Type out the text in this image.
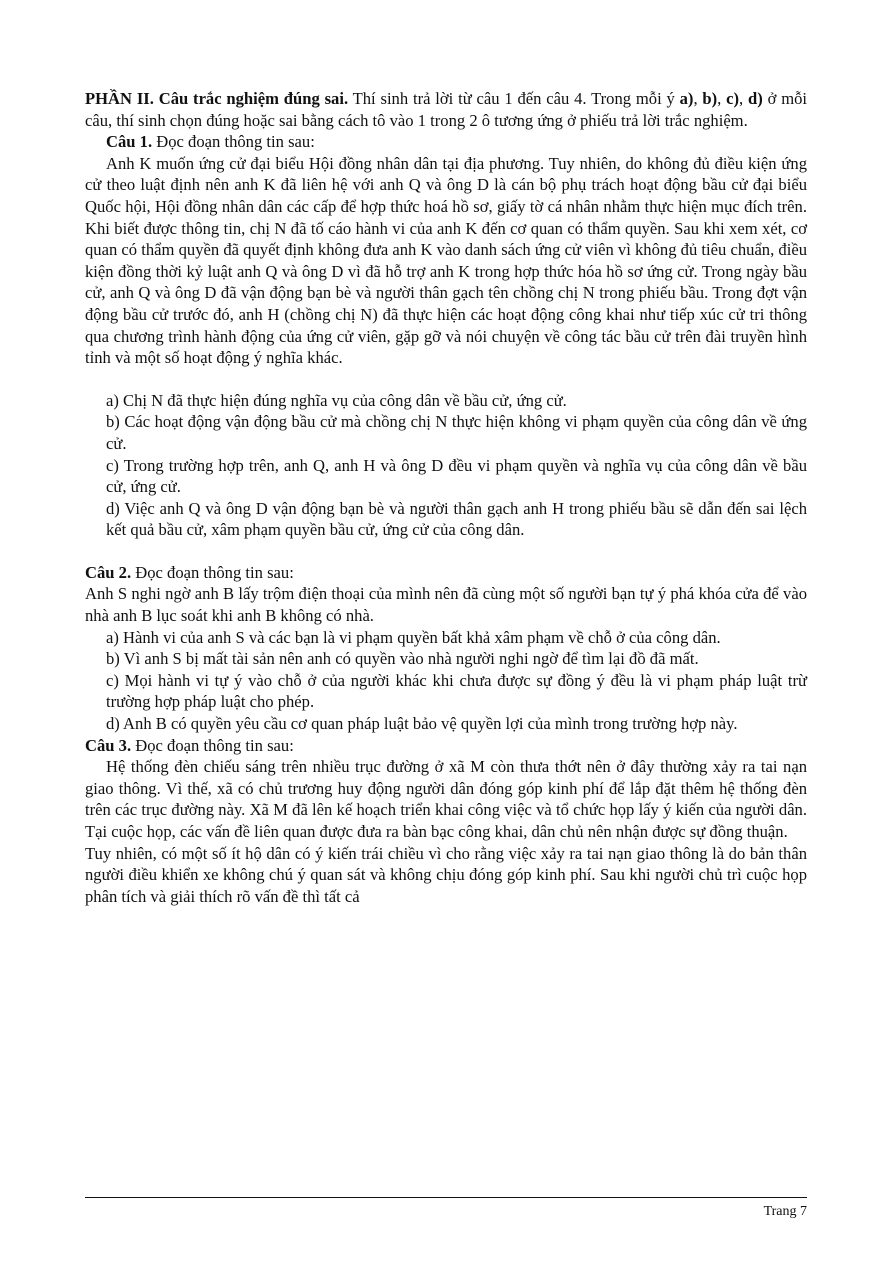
PHẦN II. Câu trắc nghiệm đúng sai. Thí sinh trả lời từ câu 1 đến câu 4. Trong mỗi ý a), b), c), d) ở mỗi câu, thí sinh chọn đúng hoặc sai bằng cách tô vào 1 trong 2 ô tương ứng ở phiếu trả lời trắc nghiệm.

Câu 1. Đọc đoạn thông tin sau:

Anh K muốn ứng cử đại biểu Hội đồng nhân dân tại địa phương. Tuy nhiên, do không đủ điều kiện ứng cử theo luật định nên anh K đã liên hệ với anh Q và ông D là cán bộ phụ trách hoạt động bầu cử đại biểu Quốc hội, Hội đồng nhân dân các cấp để hợp thức hoá hồ sơ, giấy tờ cá nhân nhằm thực hiện mục đích trên. Khi biết được thông tin, chị N đã tố cáo hành vi của anh K đến cơ quan có thẩm quyền. Sau khi xem xét, cơ quan có thẩm quyền đã quyết định không đưa anh K vào danh sách ứng cử viên vì không đủ tiêu chuẩn, điều kiện đồng thời kỷ luật anh Q và ông D vì đã hỗ trợ anh K trong hợp thức hóa hồ sơ ứng cử. Trong ngày bầu cử, anh Q và ông D đã vận động bạn bè và người thân gạch tên chồng chị N trong phiếu bầu. Trong đợt vận động bầu cử trước đó, anh H (chồng chị N) đã thực hiện các hoạt động công khai như tiếp xúc cử tri thông qua chương trình hành động của ứng cử viên, gặp gỡ và nói chuyện về công tác bầu cử trên đài truyền hình tỉnh và một số hoạt động ý nghĩa khác.

a) Chị N đã thực hiện đúng nghĩa vụ của công dân về bầu cử, ứng cử.

b) Các hoạt động vận động bầu cử mà chồng chị N thực hiện không vi phạm quyền của công dân về ứng cử.

c) Trong trường hợp trên, anh Q, anh H và ông D đều vi phạm quyền và nghĩa vụ của công dân về bầu cử, ứng cử.

d) Việc anh Q và ông D vận động bạn bè và người thân gạch anh H trong phiếu bầu sẽ dẫn đến sai lệch kết quả bầu cử, xâm phạm quyền bầu cử, ứng cử của công dân.

Câu 2. Đọc đoạn thông tin sau:

Anh S nghi ngờ anh B lấy trộm điện thoại của mình nên đã cùng một số người bạn tự ý phá khóa cửa để vào nhà anh B lục soát khi anh B không có nhà.

a) Hành vi của anh S và các bạn là vi phạm quyền bất khả xâm phạm về chỗ ở của công dân.

b) Vì anh S bị mất tài sản nên anh có quyền vào nhà người nghi ngờ để tìm lại đồ đã mất.

c) Mọi hành vi tự ý vào chỗ ở của người khác khi chưa được sự đồng ý đều là vi phạm pháp luật trừ trường hợp pháp luật cho phép.

d) Anh B có quyền yêu cầu cơ quan pháp luật bảo vệ quyền lợi của mình trong trường hợp này.

Câu 3. Đọc đoạn thông tin sau:

Hệ thống đèn chiếu sáng trên nhiều trục đường ở xã M còn thưa thớt nên ở đây thường xảy ra tai nạn giao thông. Vì thế, xã có chủ trương huy động người dân đóng góp kinh phí để lắp đặt thêm hệ thống đèn trên các trục đường này. Xã M đã lên kế hoạch triển khai công việc và tổ chức họp lấy ý kiến của người dân. Tại cuộc họp, các vấn đề liên quan được đưa ra bàn bạc công khai, dân chủ nên nhận được sự đồng thuận.

Tuy nhiên, có một số ít hộ dân có ý kiến trái chiều vì cho rằng việc xảy ra tai nạn giao thông là do bản thân người điều khiển xe không chú ý quan sát và không chịu đóng góp kinh phí. Sau khi người chủ trì cuộc họp phân tích và giải thích rõ vấn đề thì tất cả

Trang 7
